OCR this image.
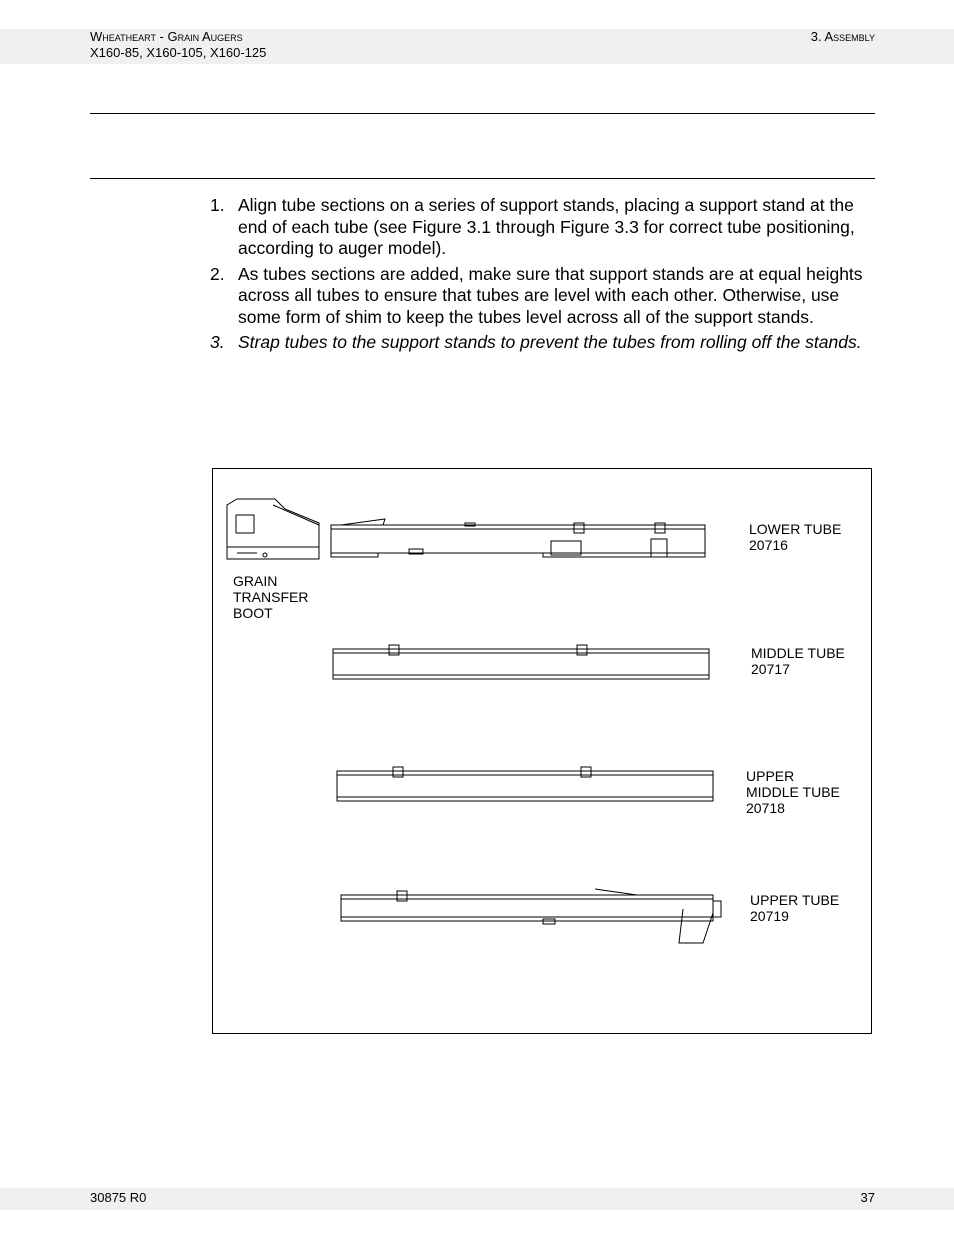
Wheatheart - Grain Augers
X160-85, X160-105, X160-125
3. Assembly
1. Align tube sections on a series of support stands, placing a support stand at the end of each tube (see Figure 3.1 through Figure 3.3 for correct tube positioning, according to auger model).
2. As tubes sections are added, make sure that support stands are at equal heights across all tubes to ensure that tubes are level with each other. Otherwise, use some form of shim to keep the tubes level across all of the support stands.
3. Strap tubes to the support stands to prevent the tubes from rolling off the stands.
GRAIN
TRANSFER
BOOT
LOWER TUBE
20716
MIDDLE TUBE
20717
UPPER
MIDDLE TUBE
20718
UPPER TUBE
20719
30875 R0	37
